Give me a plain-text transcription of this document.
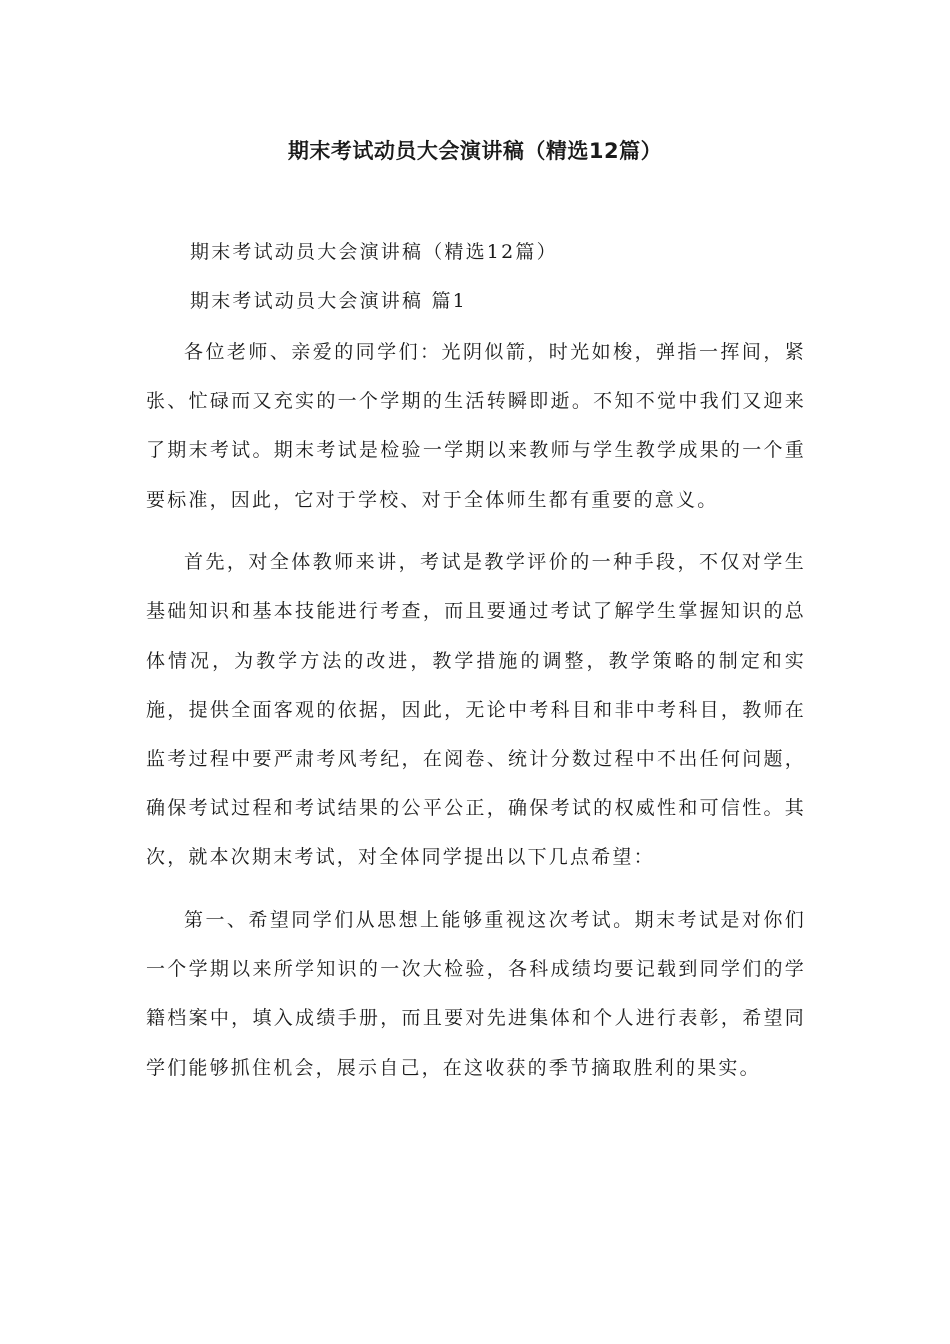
期末考试动员大会演讲稿（精选12篇）
期末考试动员大会演讲稿（精选12篇）
期末考试动员大会演讲稿 篇1

各位老师、亲爱的同学们：光阴似箭，时光如梭，弹指一挥间，紧张、忙碌而又充实的一个学期的生活转瞬即逝。不知不觉中我们又迎来了期末考试。期末考试是检验一学期以来教师与学生教学成果的一个重要标准，因此，它对于学校、对于全体师生都有重要的意义。

首先，对全体教师来讲，考试是教学评价的一种手段，不仅对学生基础知识和基本技能进行考查，而且要通过考试了解学生掌握知识的总体情况，为教学方法的改进，教学措施的调整，教学策略的制定和实施，提供全面客观的依据，因此，无论中考科目和非中考科目，教师在监考过程中要严肃考风考纪，在阅卷、统计分数过程中不出任何问题，确保考试过程和考试结果的公平公正，确保考试的权威性和可信性。其次，就本次期末考试，对全体同学提出以下几点希望：

第一、希望同学们从思想上能够重视这次考试。期末考试是对你们一个学期以来所学知识的一次大检验，各科成绩均要记载到同学们的学籍档案中，填入成绩手册，而且要对先进集体和个人进行表彰，希望同学们能够抓住机会，展示自己，在这收获的季节摘取胜利的果实。
